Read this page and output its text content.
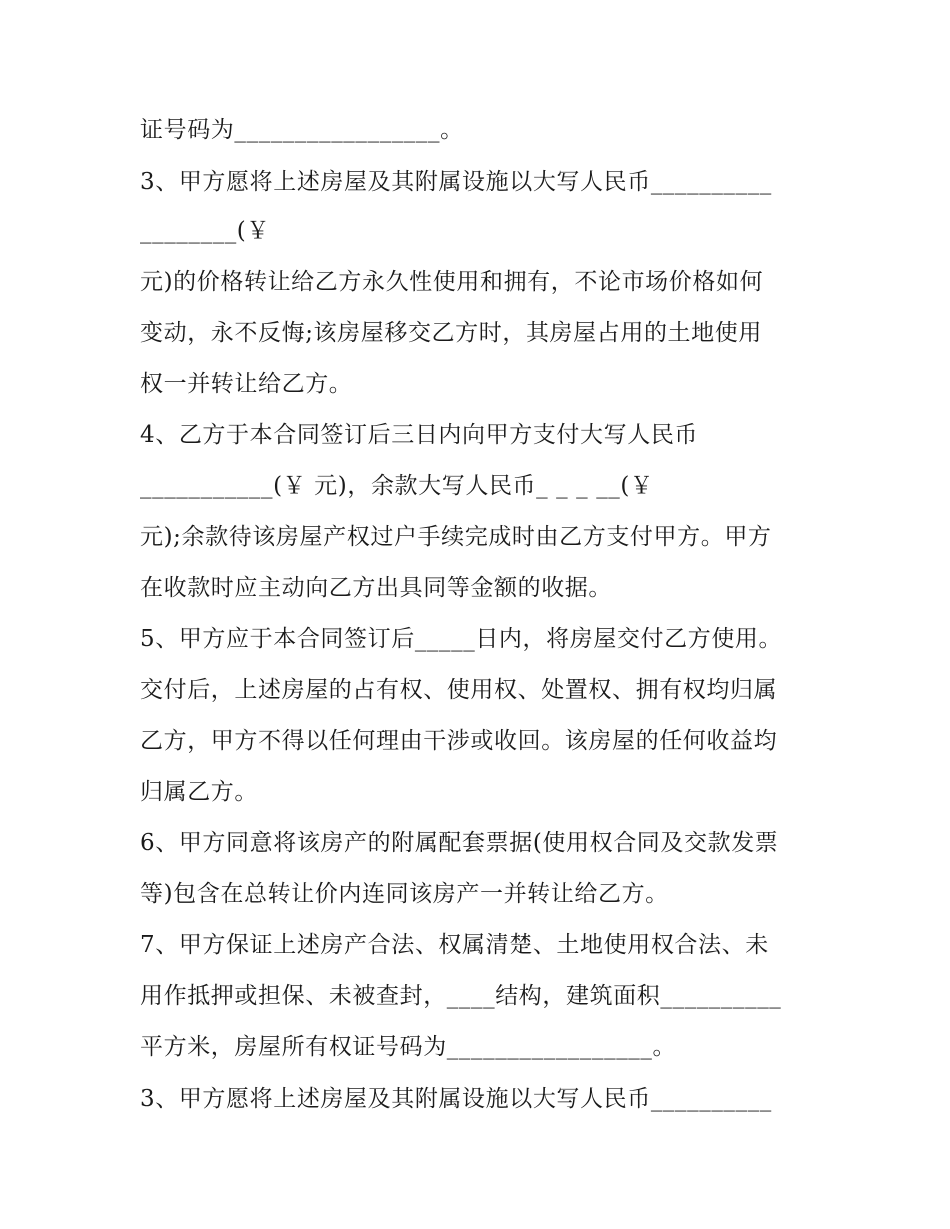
证号码为_________________。
3、甲方愿将上述房屋及其附属设施以大写人民币__________
________(￥
元)的价格转让给乙方永久性使用和拥有，不论市场价格如何
变动，永不反悔;该房屋移交乙方时，其房屋占用的土地使用
权一并转让给乙方。
4、乙方于本合同签订后三日内向甲方支付大写人民币
___________(￥ 元)，余款大写人民币_ _ _ __(￥
元);余款待该房屋产权过户手续完成时由乙方支付甲方。甲方
在收款时应主动向乙方出具同等金额的收据。
5、甲方应于本合同签订后_____日内，将房屋交付乙方使用。
交付后，上述房屋的占有权、使用权、处置权、拥有权均归属
乙方，甲方不得以任何理由干涉或收回。该房屋的任何收益均
归属乙方。
6、甲方同意将该房产的附属配套票据(使用权合同及交款发票
等)包含在总转让价内连同该房产一并转让给乙方。
7、甲方保证上述房产合法、权属清楚、土地使用权合法、未
用作抵押或担保、未被查封，____结构，建筑面积__________
平方米，房屋所有权证号码为_________________。
3、甲方愿将上述房屋及其附属设施以大写人民币__________
